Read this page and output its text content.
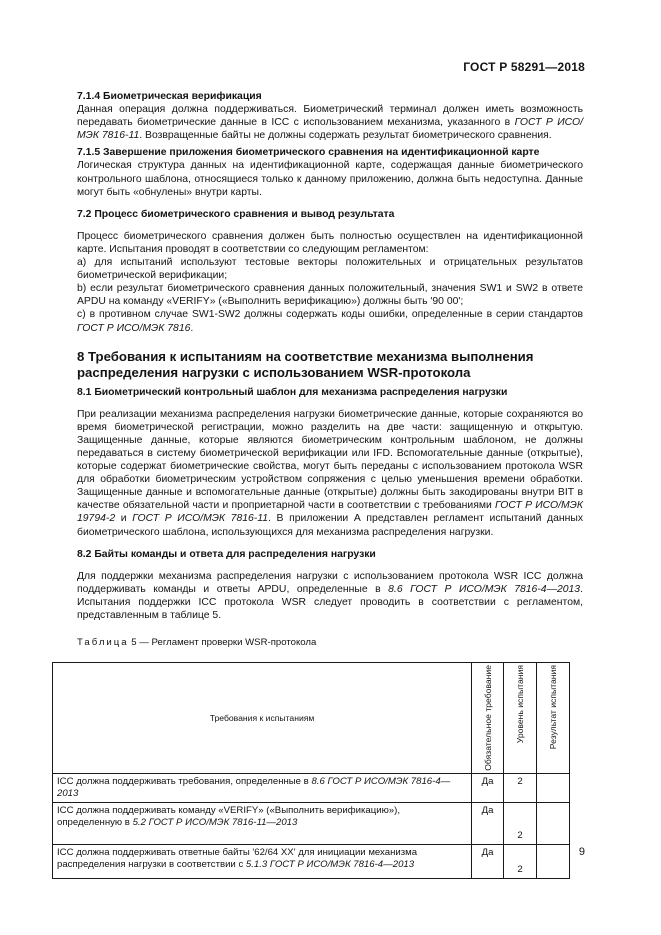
ГОСТ Р 58291—2018

7.1.4 Биометрическая верификация

Данная операция должна поддерживаться. Биометрический терминал должен иметь возможность передавать биометрические данные в ICC с использованием механизма, указанного в ГОСТ Р ИСО/МЭК 7816-11. Возвращенные байты не должны содержать результат биометрического сравнения.

7.1.5 Завершение приложения биометрического сравнения на идентификационной карте

Логическая структура данных на идентификационной карте, содержащая данные биометрического контрольного шаблона, относящиеся только к данному приложению, должна быть недоступна. Данные могут быть «обнулены» внутри карты.

7.2 Процесс биометрического сравнения и вывод результата

Процесс биометрического сравнения должен быть полностью осуществлен на идентификационной карте. Испытания проводят в соответствии со следующим регламентом:

a) для испытаний используют тестовые векторы положительных и отрицательных результатов биометрической верификации;

b) если результат биометрического сравнения данных положительный, значения SW1 и SW2 в ответе APDU на команду «VERIFY» («Выполнить верификацию») должны быть '90 00';

c) в противном случае SW1-SW2 должны содержать коды ошибки, определенные в серии стандартов ГОСТ Р ИСО/МЭК 7816.

8 Требования к испытаниям на соответствие механизма выполнения распределения нагрузки с использованием WSR-протокола

8.1 Биометрический контрольный шаблон для механизма распределения нагрузки

При реализации механизма распределения нагрузки биометрические данные, которые сохраняются во время биометрической регистрации, можно разделить на две части: защищенную и открытую. Защищенные данные, которые являются биометрическим контрольным шаблоном, не должны передаваться в систему биометрической верификации или IFD. Вспомогательные данные (открытые), которые содержат биометрические свойства, могут быть переданы с использованием протокола WSR для обработки биометрическим устройством сопряжения с целью уменьшения времени обработки. Защищенные данные и вспомогательные данные (открытые) должны быть закодированы внутри BIT в качестве обязательной части и проприетарной части в соответствии с требованиями ГОСТ Р ИСО/МЭК 19794-2 и ГОСТ Р ИСО/МЭК 7816-11. В приложении А представлен регламент испытаний данных биометрического шаблона, использующихся для механизма распределения нагрузки.

8.2 Байты команды и ответа для распределения нагрузки

Для поддержки механизма распределения нагрузки с использованием протокола WSR ICC должна поддерживать команды и ответы APDU, определенные в 8.6 ГОСТ Р ИСО/МЭК 7816-4—2013. Испытания поддержки ICC протокола WSR следует проводить в соответствии с регламентом, представленным в таблице 5.

Таблица 5 — Регламент проверки WSR-протокола

Требования к испытаниям	Обязательное требование	Уровень испытания	Результат испытания

ICC должна поддерживать требования, определенные в 8.6 ГОСТ Р ИСО/МЭК 7816-4—2013	Да	2	
ICC должна поддерживать команду «VERIFY» («Выполнить верификацию»), определенную в 5.2 ГОСТ Р ИСО/МЭК 7816-11—2013	Да	2	
ICC должна поддерживать ответные байты '62/64 XX' для инициации механизма распределения нагрузки в соответствии с 5.1.3 ГОСТ Р ИСО/МЭК 7816-4—2013	Да	2	
9
